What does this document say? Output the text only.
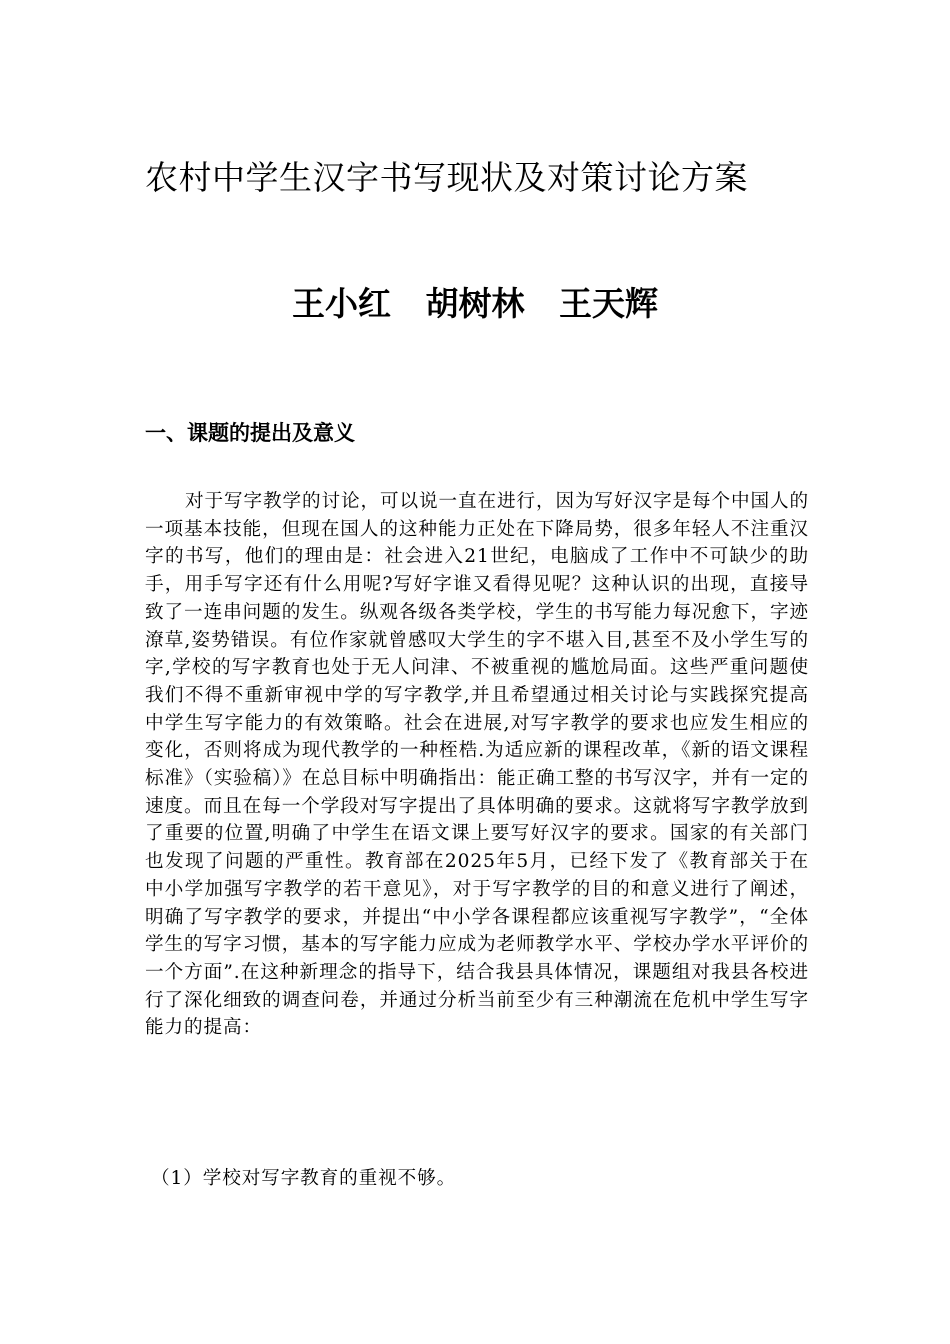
农村中学生汉字书写现状及对策讨论方案
王小红   胡树林   王天辉
一、课题的提出及意义

对于写字教学的讨论，可以说一直在进行，因为写好汉字是每个中国人的一项基本技能，但现在国人的这种能力正处在下降局势，很多年轻人不注重汉字的书写，他们的理由是：社会进入21世纪，电脑成了工作中不可缺少的助手，用手写字还有什么用呢?写好字谁又看得见呢？这种认识的出现，直接导致了一连串问题的发生。纵观各级各类学校，学生的书写能力每况愈下，字迹潦草,姿势错误。有位作家就曾感叹大学生的字不堪入目,甚至不及小学生写的字,学校的写字教育也处于无人问津、不被重视的尴尬局面。这些严重问题使我们不得不重新审视中学的写字教学,并且希望通过相关讨论与实践探究提高中学生写字能力的有效策略。社会在进展,对写字教学的要求也应发生相应的变化，否则将成为现代教学的一种桎梏.为适应新的课程改革，《新的语文课程标准》（实验稿）》在总目标中明确指出：能正确工整的书写汉字，并有一定的速度。而且在每一个学段对写字提出了具体明确的要求。这就将写字教学放到了重要的位置,明确了中学生在语文课上要写好汉字的要求。国家的有关部门也发现了问题的严重性。教育部在2025年5月，已经下发了《教育部关于在中小学加强写字教学的若干意见》，对于写字教学的目的和意义进行了阐述，明确了写字教学的要求，并提出“中小学各课程都应该重视写字教学”，“全体学生的写字习惯，基本的写字能力应成为老师教学水平、学校办学水平评价的一个方面”.在这种新理念的指导下，结合我县具体情况，课题组对我县各校进行了深化细致的调查问卷，并通过分析当前至少有三种潮流在危机中学生写字能力的提高：

（1）学校对写字教育的重视不够。
